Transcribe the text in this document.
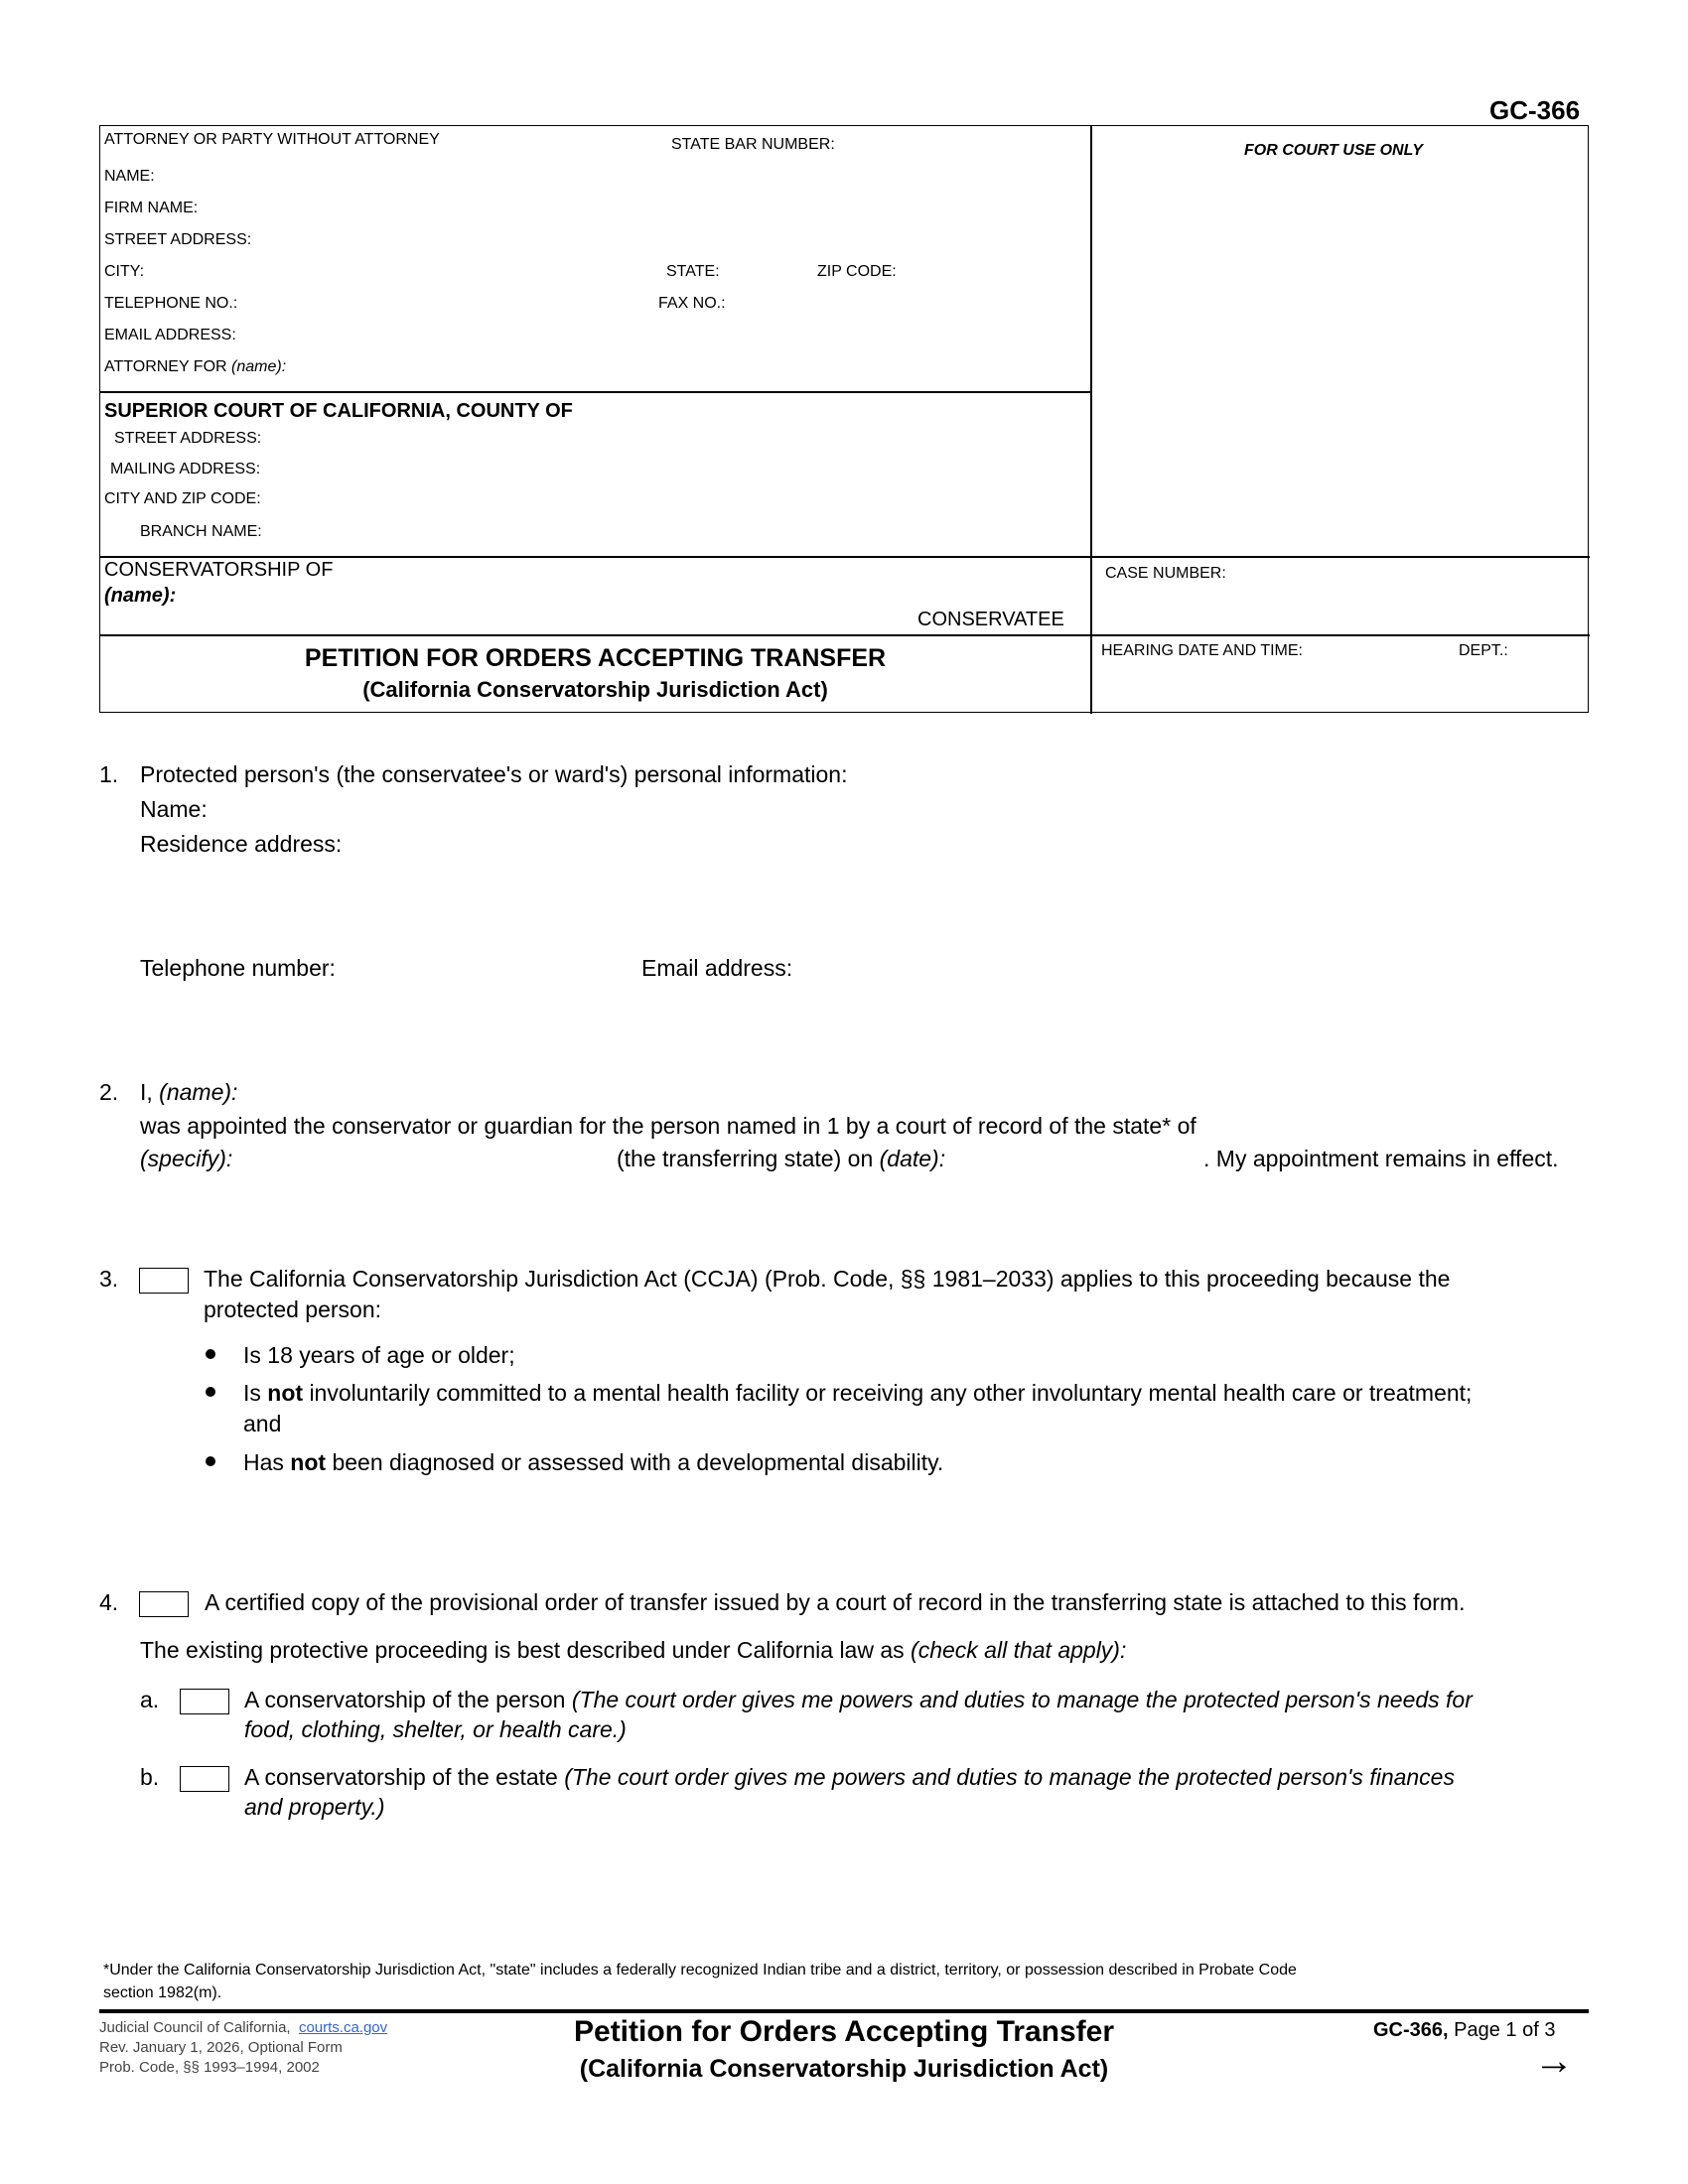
GC-366
ATTORNEY OR PARTY WITHOUT ATTORNEY	STATE BAR NUMBER:	FOR COURT USE ONLY
NAME:
FIRM NAME:
STREET ADDRESS:
CITY:	STATE:	ZIP CODE:
TELEPHONE NO.:	FAX NO.:
EMAIL ADDRESS:
ATTORNEY FOR (name):
SUPERIOR COURT OF CALIFORNIA, COUNTY OF
STREET ADDRESS:
MAILING ADDRESS:
CITY AND ZIP CODE:
BRANCH NAME:
CONSERVATORSHIP OF
(name):
CONSERVATEE
CASE NUMBER:
PETITION FOR ORDERS ACCEPTING TRANSFER
(California Conservatorship Jurisdiction Act)
HEARING DATE AND TIME:	DEPT.:
1. Protected person's (the conservatee's or ward's) personal information:
Name:
Residence address:
Telephone number:	Email address:
2. I, (name):
was appointed the conservator or guardian for the person named in 1 by a court of record of the state* of
(specify):	(the transferring state) on (date):	. My appointment remains in effect.
3.	The California Conservatorship Jurisdiction Act (CCJA) (Prob. Code, §§ 1981–2033) applies to this proceeding because the
protected person:
Is 18 years of age or older;
Is not involuntarily committed to a mental health facility or receiving any other involuntary mental health care or treatment;
and
Has not been diagnosed or assessed with a developmental disability.
4.	A certified copy of the provisional order of transfer issued by a court of record in the transferring state is attached to this form.
The existing protective proceeding is best described under California law as (check all that apply):
a.	A conservatorship of the person (The court order gives me powers and duties to manage the protected person's needs for
food, clothing, shelter, or health care.)
b.	A conservatorship of the estate (The court order gives me powers and duties to manage the protected person's finances
and property.)
*Under the California Conservatorship Jurisdiction Act, "state" includes a federally recognized Indian tribe and a district, territory, or possession described in Probate Code
section 1982(m).
Judicial Council of California, courts.ca.gov
Rev. January 1, 2026, Optional Form
Prob. Code, §§ 1993–1994, 2002
Petition for Orders Accepting Transfer
(California Conservatorship Jurisdiction Act)
GC-366, Page 1 of 3
→
